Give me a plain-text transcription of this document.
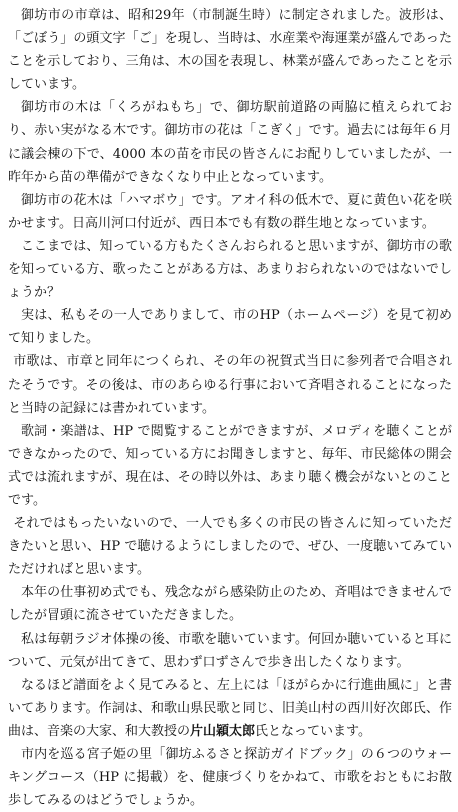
御坊市の市章は、昭和29年（市制誕生時）に制定されました。波形は、「ごぼう」の頭文字「ご」を現し、当時は、水産業や海運業が盛んであったことを示しており、三角は、木の国を表現し、林業が盛んであったことを示しています。

御坊市の木は「くろがねもち」で、御坊駅前道路の両脇に植えられており、赤い実がなる木です。御坊市の花は「こぎく」です。過去には毎年６月に議会棟の下で、4000 本の苗を市民の皆さんにお配りしていましたが、一昨年から苗の準備ができなくなり中止となっています。

御坊市の花木は「ハマボウ」です。アオイ科の低木で、夏に黄色い花を咲かせます。日高川河口付近が、西日本でも有数の群生地となっています。

ここまでは、知っている方もたくさんおられると思いますが、御坊市の歌を知っている方、歌ったことがある方は、あまりおられないのではないでしょうか？

実は、私もその一人でありまして、市のHP（ホームページ）を見て初めて知りました。

市歌は、市章と同年につくられ、その年の祝賀式当日に参列者で合唱されたそうです。その後は、市のあらゆる行事において斉唱されることになったと当時の記録には書かれています。

歌詞・楽譜は、HP で閲覧することができますが、メロディを聴くことができなかったので、知っている方にお聞きしますと、毎年、市民総体の開会式では流れますが、現在は、その時以外は、あまり聴く機会がないとのことです。

それではもったいないので、一人でも多くの市民の皆さんに知っていただきたいと思い、HP で聴けるようにしましたので、ぜひ、一度聴いてみていただければと思います。

本年の仕事初め式でも、残念ながら感染防止のため、斉唱はできませんでしたが冒頭に流させていただきました。

私は毎朝ラジオ体操の後、市歌を聴いています。何回か聴いていると耳について、元気が出てきて、思わず口ずさんで歩き出したくなります。

なるほど譜面をよく見てみると、左上には「ほがらかに行進曲風に」と書いてあります。作詞は、和歌山県民歌と同じ、旧美山村の西川好次郎氏、作曲は、音楽の大家、和大教授の片山穎太郎氏となっています。

市内を巡る宮子姫の里「御坊ふるさと探訪ガイドブック」の６つのウォーキングコース（HP に掲載）を、健康づくりをかねて、市歌をおともにお散歩してみるのはどうでしょうか。
